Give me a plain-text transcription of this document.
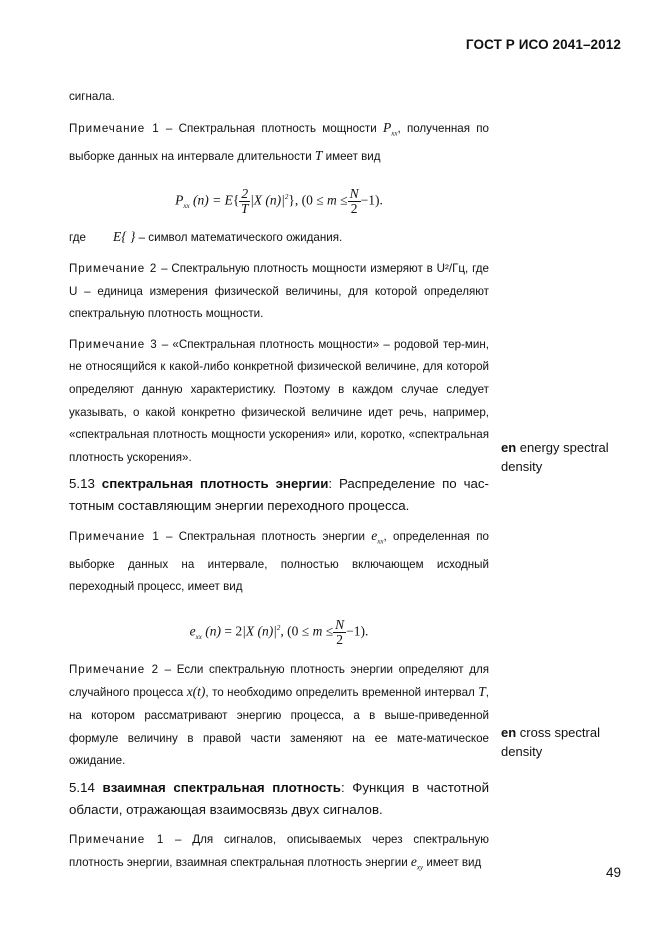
ГОСТ Р ИСО 2041–2012

сигнала.

Примечание 1 – Спектральная плотность мощности $P_{xx}$, полученная по выборке данных на интервале длительности T имеет вид

$P_{xx}$ $(n) = E\{ \frac{2}{T} |X$ $(n)|^2$}, $(0 \le m \le \frac{N}{2} -1)$.

где E{ } – символ математического ожидания.

Примечание 2 – Спектральную плотность мощности измеряют в U²/Гц, где U – единица измерения физической величины, для которой определяют спектральную плотность мощности.

Примечание 3 – «Спектральная плотность мощности» – родовой тер-мин, не относящийся к какой-либо конкретной физической величине, для которой определяют данную характеристику. Поэтому в каждом случае следует указывать, о какой конкретно физической величине идет речь, например, «спектральная плотность мощности ускорения» или, коротко, «спектральная плотность ускорения».

5.13 спектральная плотность энергии: Распределение по час-тотным составляющим энергии переходного процесса.

Примечание 1 – Спектральная плотность энергии $e_{xx}$, определенная по выборке данных на интервале, полностью включающем исходный переходный процесс, имеет вид

$e_{xx}$ (n) = 2|X $(n)|^2$, $(0 \le m \le \frac{N}{2} -1)$.

Примечание 2 – Если спектральную плотность энергии определяют для случайного процесса x(t), то необходимо определить временной интервал T, на котором рассматривают энергию процесса, а в выше-приведенной формуле величину в правой части заменяют на ее мате-матическое ожидание.

5.14 взаимная спектральная плотность: Функция в частотной области, отражающая взаимосвязь двух сигналов.

Примечание 1 – Для сигналов, описываемых через спектральную плотность энергии, взаимная спектральная плотность энергии $e_{xy}$ имеет вид

en energy spectral density
en cross spectral density
49
